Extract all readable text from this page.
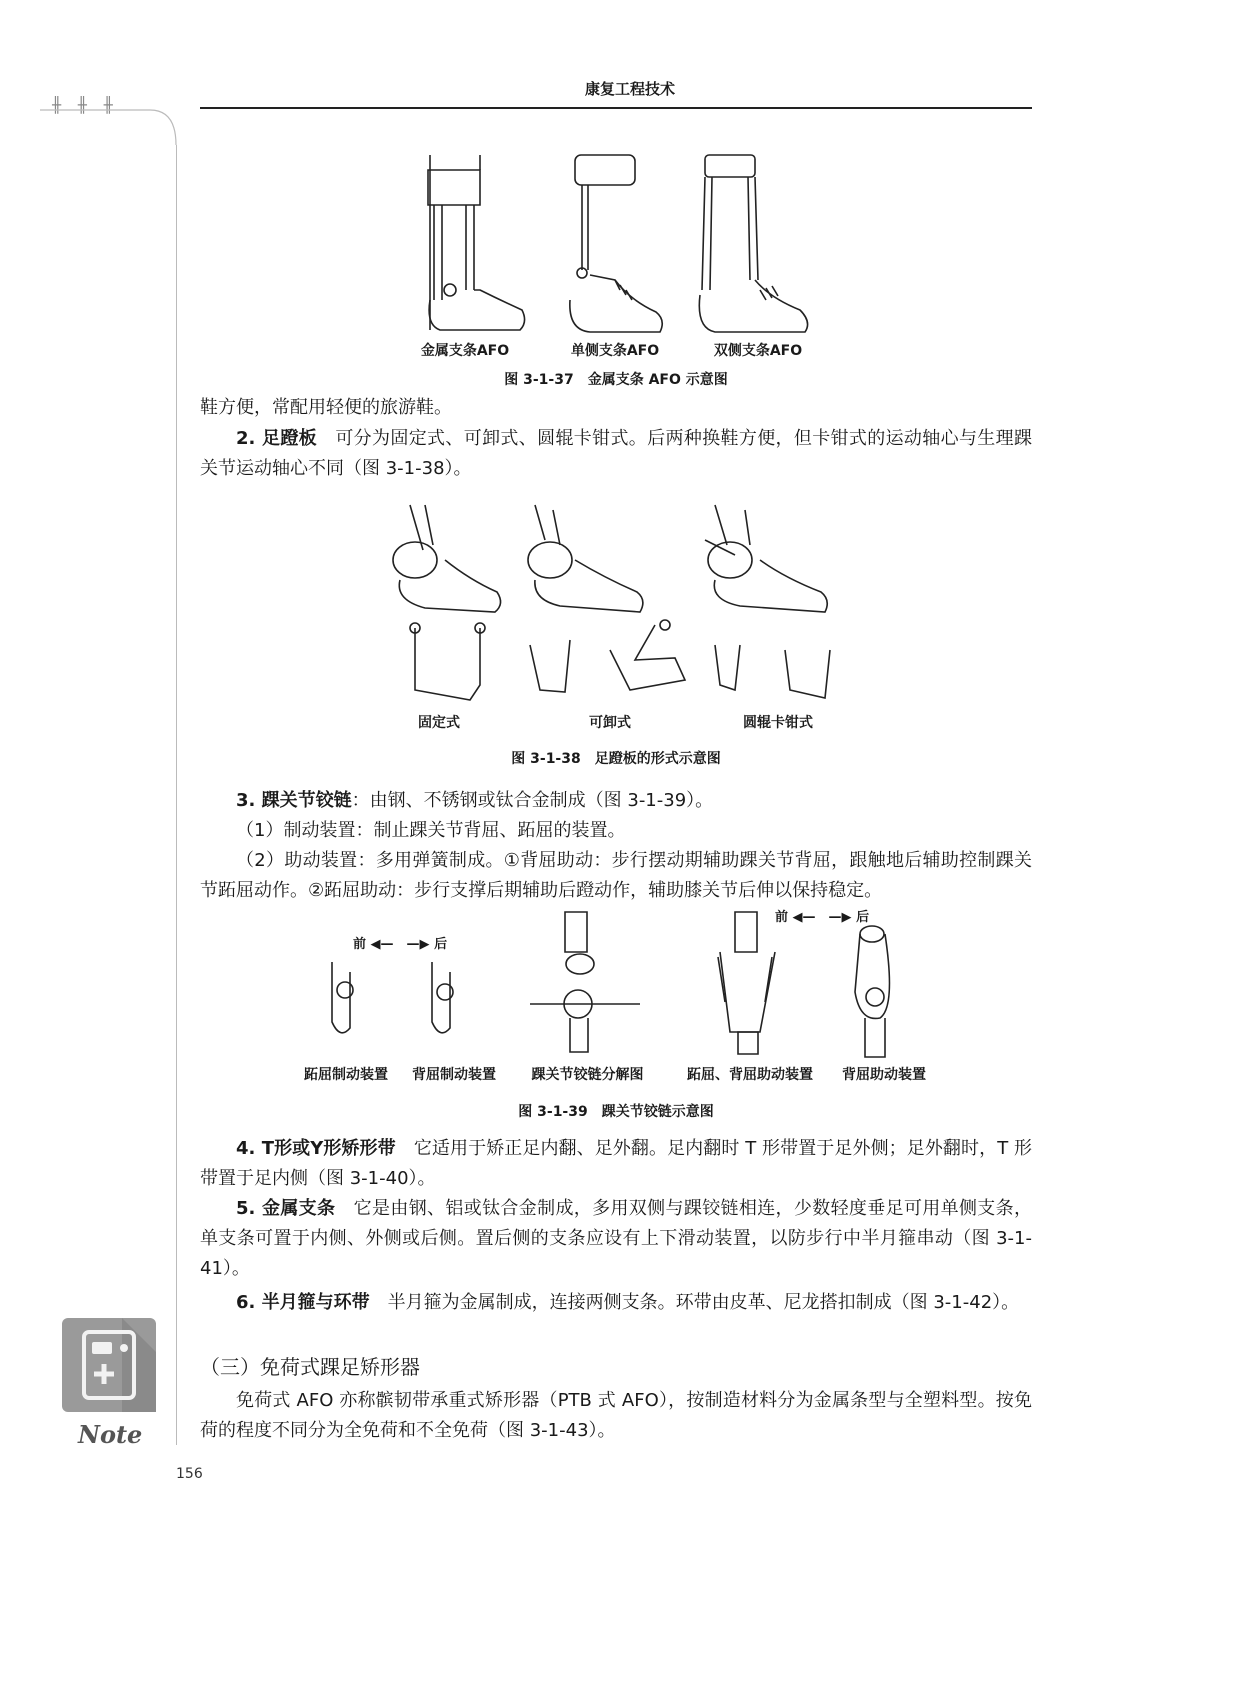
╫ ╫ ╫
康复工程技术
金属支条AFO	单侧支条AFO	双侧支条AFO
图 3-1-37　金属支条 AFO 示意图
鞋方便，常配用轻便的旅游鞋。
2. 足蹬板　可分为固定式、可卸式、圆辊卡钳式。后两种换鞋方便，但卡钳式的运动轴心与生理踝关节运动轴心不同（图 3-1-38）。
固定式	可卸式	圆辊卡钳式
图 3-1-38　足蹬板的形式示意图
3. 踝关节铰链：由钢、不锈钢或钛合金制成（图 3-1-39）。
（1）制动装置：制止踝关节背屈、跖屈的装置。
（2）助动装置：多用弹簧制成。①背屈助动：步行摆动期辅助踝关节背屈，跟触地后辅助控制踝关节跖屈动作。②跖屈助动：步行支撑后期辅助后蹬动作，辅助膝关节后伸以保持稳定。
前 ◀—　—▶ 后
前 ◀—　—▶ 后
跖屈制动装置	背屈制动装置	踝关节铰链分解图	跖屈、背屈助动装置	背屈助动装置
图 3-1-39　踝关节铰链示意图
4. T形或Y形矫形带　它适用于矫正足内翻、足外翻。足内翻时 T 形带置于足外侧；足外翻时，T 形带置于足内侧（图 3-1-40）。
5. 金属支条　它是由钢、铝或钛合金制成，多用双侧与踝铰链相连，少数轻度垂足可用单侧支条，单支条可置于内侧、外侧或后侧。置后侧的支条应设有上下滑动装置，以防步行中半月箍串动（图 3-1-41）。
6. 半月箍与环带　半月箍为金属制成，连接两侧支条。环带由皮革、尼龙搭扣制成（图 3-1-42）。
（三）免荷式踝足矫形器
免荷式 AFO 亦称髌韧带承重式矫形器（PTB 式 AFO），按制造材料分为金属条型与全塑料型。按免荷的程度不同分为全免荷和不全免荷（图 3-1-43）。
Note
156
